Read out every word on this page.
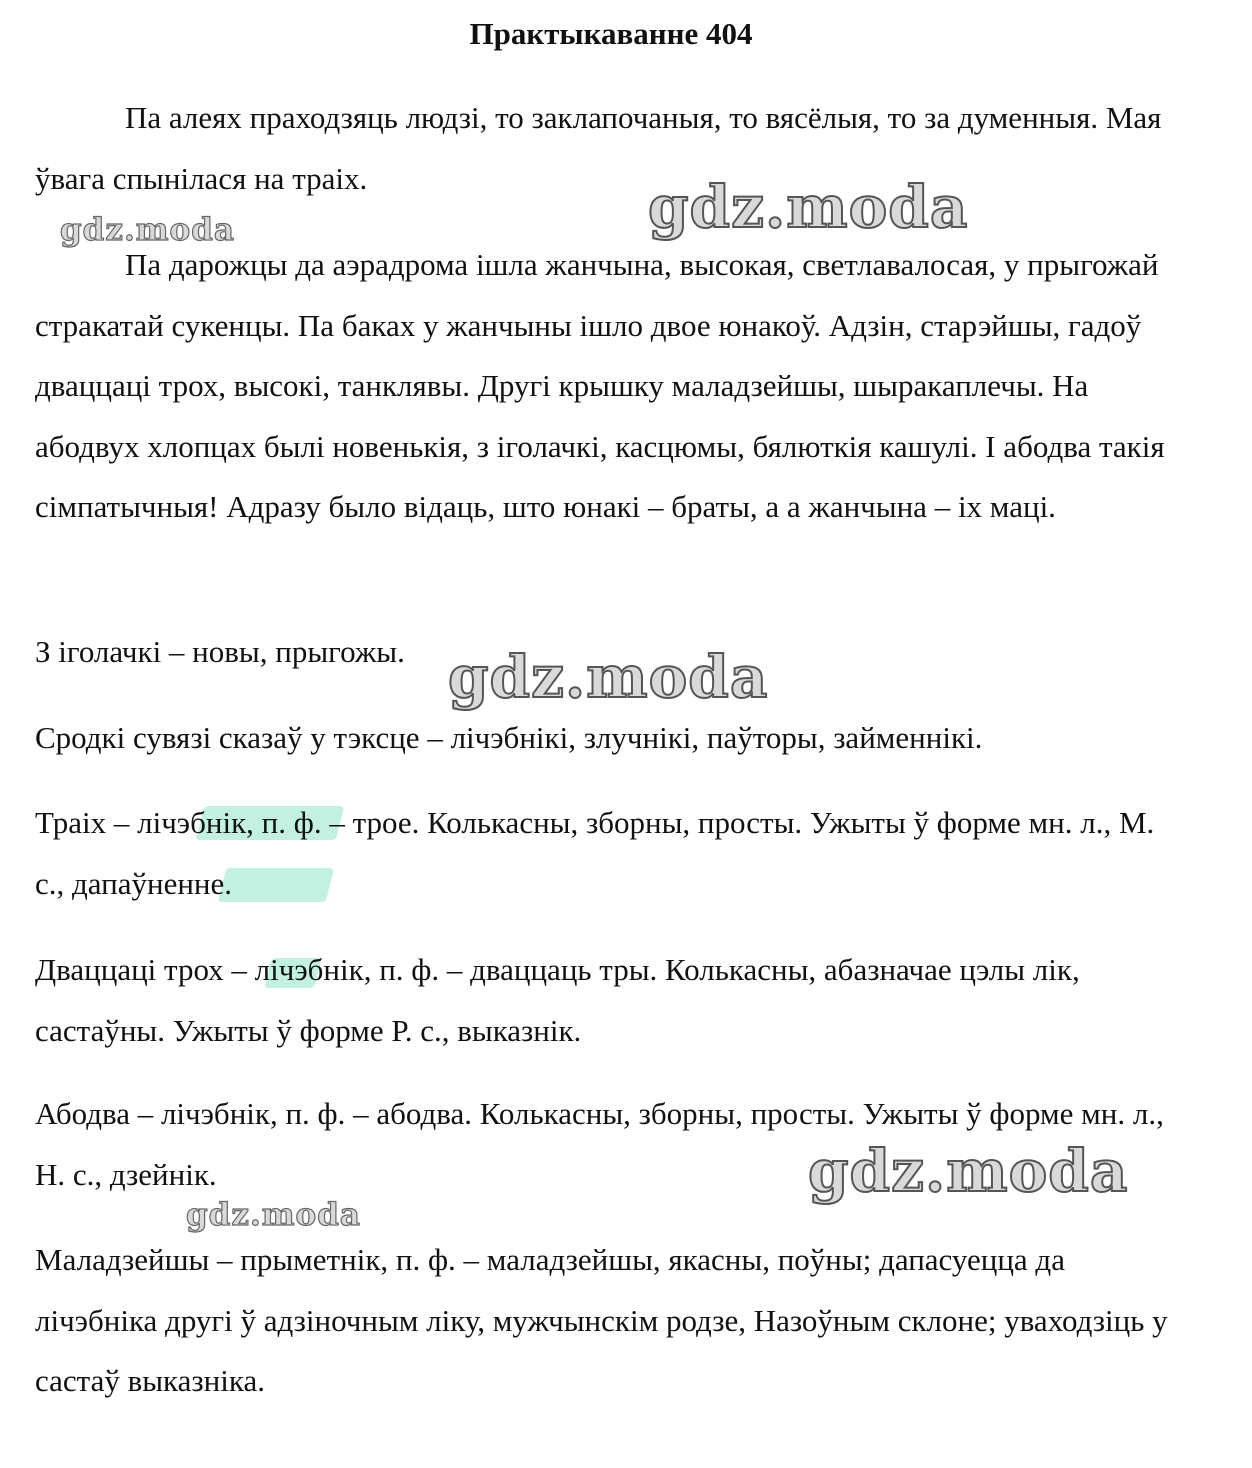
Практыкаванне 404

Па алеях праходзяць людзі, то заклапочаныя, то вясёлыя, то за думенныя. Мая ўвага спынілася на траіх.

Па дарожцы да аэрадрома ішла жанчына, высокая, светлавалосая, у прыгожай стракатай сукенцы. Па баках у жанчыны ішло двое юнакоў. Адзін, старэйшы, гадоў дваццаці трох, высокі, танклявы. Другі крышку маладзейшы, шыракаплечы. На абодвух хлопцах былі новенькія, з іголачкі, касцюмы, бялюткія кашулі. І абодва такія сімпатычныя! Адразу было відаць, што юнакі – браты, а а жанчына – іх маці.

З іголачкі – новы, прыгожы.

Сродкі сувязі сказаў у тэксце – лічэбнікі, злучнікі, паўторы, займеннікі.

Траіх – лічэбнік, п. ф. – трое. Колькасны, зборны, просты. Ужыты ў форме мн. л., М. с., дапаўненне.

Дваццаці трох – лічэбнік, п. ф. – дваццаць тры. Колькасны, абазначае цэлы лік, састаўны. Ужыты ў форме Р. с., выказнік.

Абодва – лічэбнік, п. ф. – абодва. Колькасны, зборны, просты. Ужыты ў форме мн. л., Н. с., дзейнік.

Маладзейшы – прыметнік, п. ф. – маладзейшы, якасны, поўны; дапасуецца да лічэбніка другі ў адзіночным ліку, мужчынскім родзе, Назоўным склоне; уваходзіць у састаў выказніка.

gdz.moda	gdz.moda
gdz.moda
gdz.moda
gdz.moda
